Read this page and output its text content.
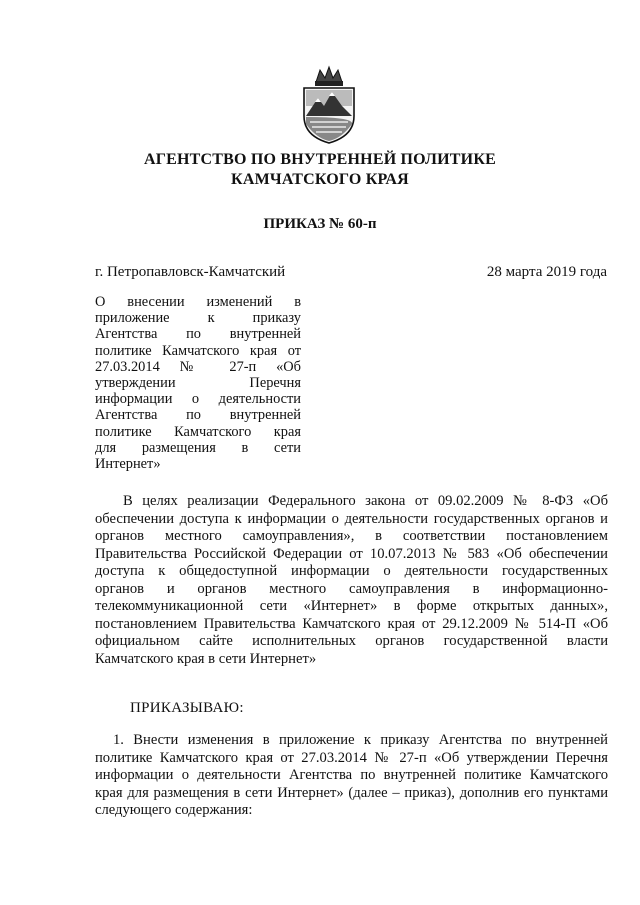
АГЕНТСТВО ПО ВНУТРЕННЕЙ ПОЛИТИКЕ
КАМЧАТСКОГО КРАЯ
ПРИКАЗ № 60-п
г. Петропавловск-Камчатский	28 марта 2019 года
О внесении изменений в
приложение к приказу
Агентства по внутренней
политике Камчатского края от
27.03.2014 № 27-п «Об
утверждении Перечня
информации о деятельности
Агентства по внутренней
политике Камчатского края
для размещения в сети
Интернет»
В целях реализации Федерального закона от 09.02.2009 № 8-ФЗ «Об
обеспечении доступа к информации о деятельности государственных органов и
органов местного самоуправления», в соответствии постановлением
Правительства Российской Федерации от 10.07.2013 № 583 «Об обеспечении
доступа к общедоступной информации о деятельности государственных
органов и органов местного самоуправления в информационно-
телекоммуникационной сети «Интернет» в форме открытых данных»,
постановлением Правительства Камчатского края от 29.12.2009 № 514-П «Об
официальном сайте исполнительных органов государственной власти
Камчатского края в сети Интернет»
ПРИКАЗЫВАЮ:
1. Внести изменения в приложение к приказу Агентства по внутренней
политике Камчатского края от 27.03.2014 № 27-п «Об утверждении Перечня
информации о деятельности Агентства по внутренней политике Камчатского
края для размещения в сети Интернет» (далее – приказ), дополнив его пунктами
следующего содержания:
